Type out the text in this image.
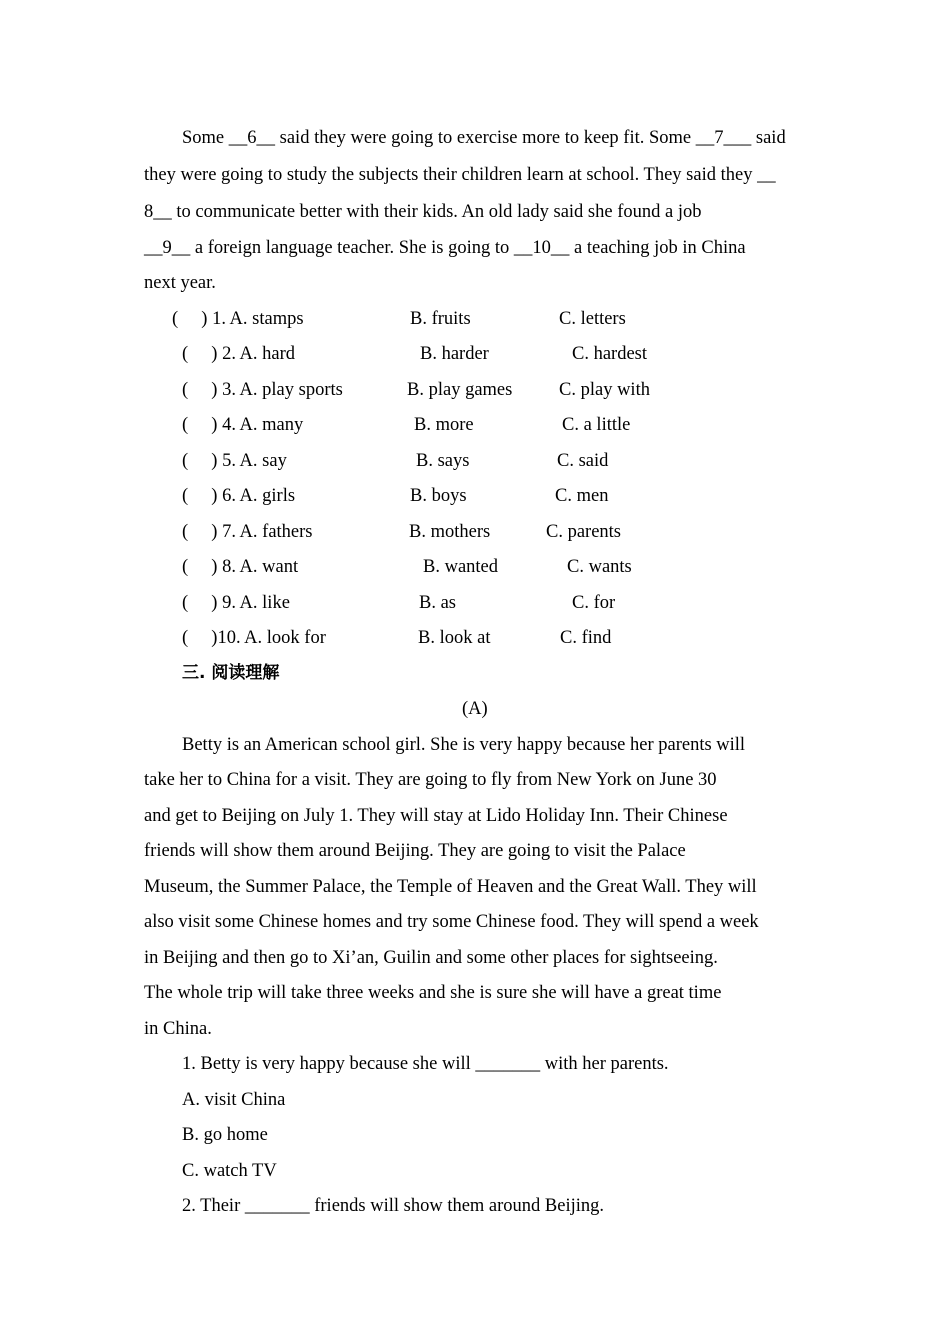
Some __6__ said they were going to exercise more to keep fit. Some __7___ said
they were going to study the subjects their children learn at school. They said they __
8__ to communicate better with their kids. An old lady said she found a job
__9__ a foreign language teacher. She is going to __10__ a teaching job in China
next year.
(     ) 1. A. stamps	B. fruits	C. letters
(     ) 2. A. hard	B. harder	C. hardest
(     ) 3. A. play sports	B. play games	C. play with
(     ) 4. A. many	B. more	C. a little
(     ) 5. A. say	B. says	C. said
(     ) 6. A. girls	B. boys	C. men
(     ) 7. A. fathers	B. mothers	C. parents
(     ) 8. A. want	B. wanted	C. wants
(     ) 9. A. like	B. as	C. for
(     )10. A. look for	B. look at	C. find
三. 阅读理解
(A)
Betty is an American school girl. She is very happy because her parents will
take her to China for a visit. They are going to fly from New York on June 30
and get to Beijing on July 1. They will stay at Lido Holiday Inn. Their Chinese
friends will show them around Beijing. They are going to visit the Palace
Museum, the Summer Palace, the Temple of Heaven and the Great Wall. They will
also visit some Chinese homes and try some Chinese food. They will spend a week
in Beijing and then go to Xi’an, Guilin and some other places for sightseeing.
The whole trip will take three weeks and she is sure she will have a great time
in China.
1. Betty is very happy because she will _______ with her parents.
A. visit China
B. go home
C. watch TV
2. Their _______ friends will show them around Beijing.
